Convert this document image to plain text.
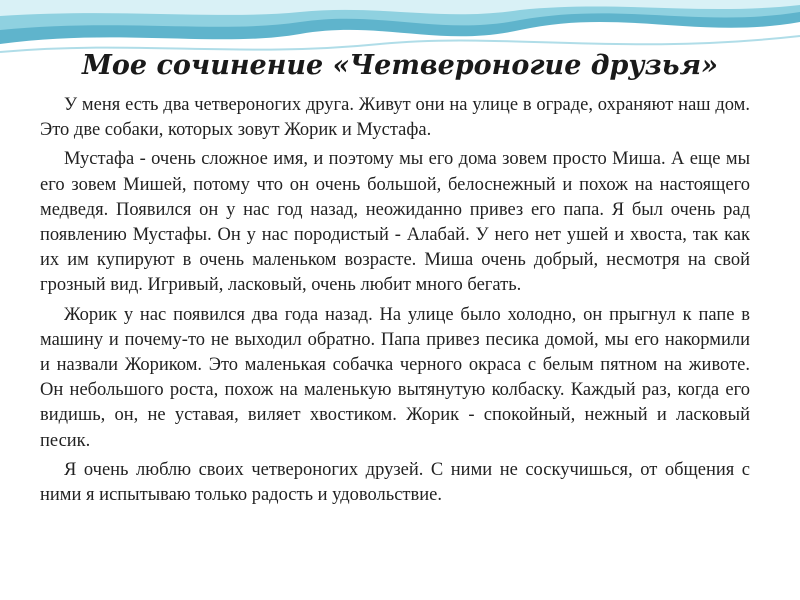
Мое сочинение «Четвероногие друзья»

У меня есть два четвероногих друга. Живут они на улице в ограде, охраняют наш дом. Это две собаки, которых зовут Жорик и Мустафа.

Мустафа - очень сложное имя, и поэтому мы его дома зовем просто Миша. А еще мы его зовем Мишей, потому что он очень большой, белоснежный и похож на настоящего медведя. Появился он у нас год назад, неожиданно привез его папа. Я был очень рад появлению Мустафы. Он у нас породистый - Алабай. У него нет ушей и хвоста, так как их им купируют в очень маленьком возрасте. Миша очень добрый, несмотря на свой грозный вид. Игривый, ласковый, очень любит много бегать.

Жорик у нас появился два года назад. На улице было холодно, он прыгнул к папе в машину и почему-то не выходил обратно. Папа привез песика домой, мы его накормили и назвали Жориком. Это маленькая собачка черного окраса с белым пятном на животе. Он небольшого роста, похож на маленькую вытянутую колбаску. Каждый раз, когда его видишь, он, не уставая, виляет хвостиком. Жорик - спокойный, нежный и ласковый песик.

Я очень люблю своих четвероногих друзей. С ними не соскучишься, от общения с ними я испытываю только радость и удовольствие.
